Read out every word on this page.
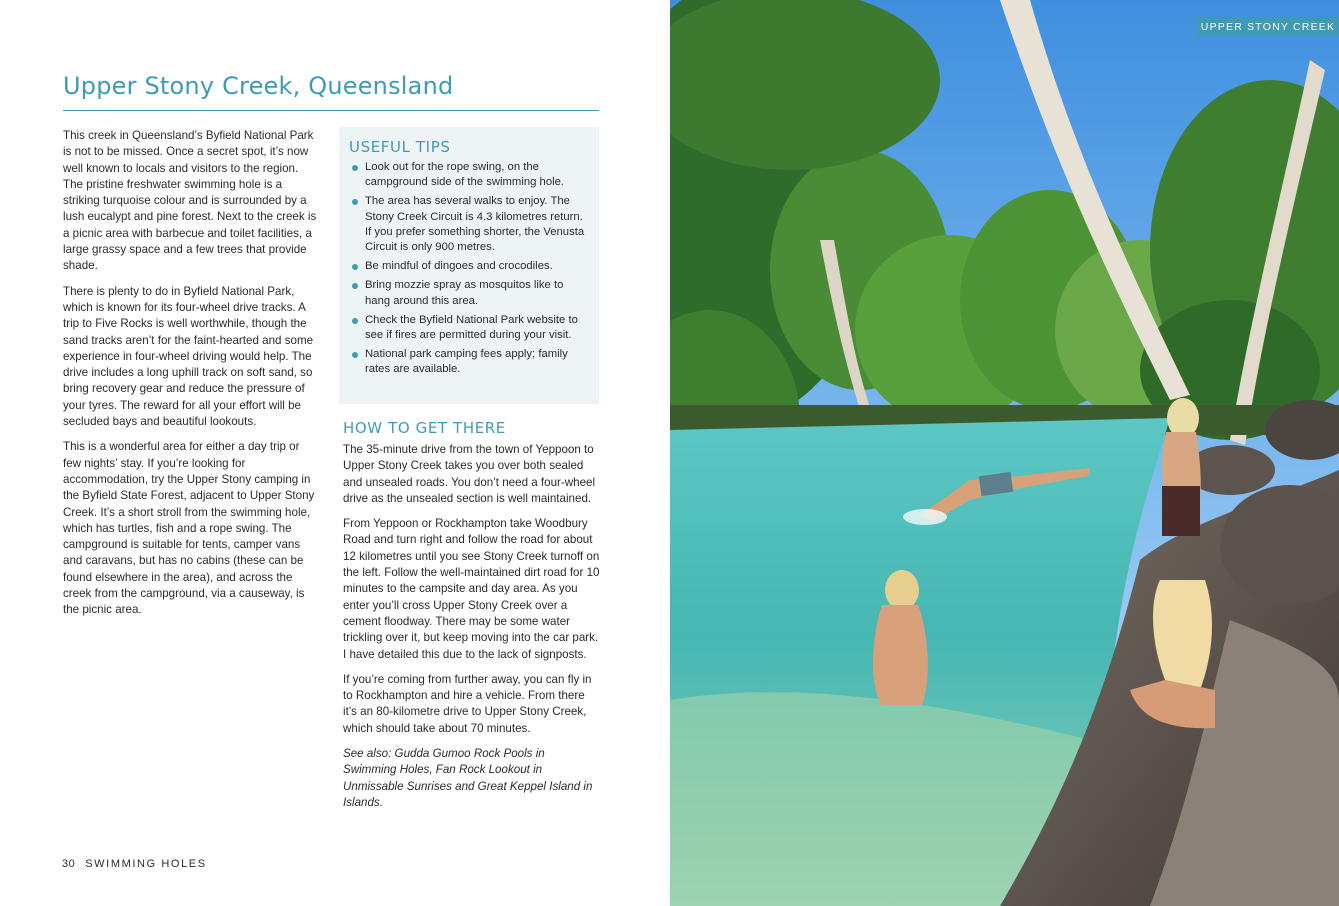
Upper Stony Creek, Queensland

This creek in Queensland’s Byfield National Park is not to be missed. Once a secret spot, it’s now well known to locals and visitors to the region. The pristine freshwater swimming hole is a striking turquoise colour and is surrounded by a lush eucalypt and pine forest. Next to the creek is a picnic area with barbecue and toilet facilities, a large grassy space and a few trees that provide shade.

There is plenty to do in Byfield National Park, which is known for its four-wheel drive tracks. A trip to Five Rocks is well worthwhile, though the sand tracks aren’t for the faint-hearted and some experience in four-wheel driving would help. The drive includes a long uphill track on soft sand, so bring recovery gear and reduce the pressure of your tyres. The reward for all your effort will be secluded bays and beautiful lookouts.

This is a wonderful area for either a day trip or few nights’ stay. If you’re looking for accommodation, try the Upper Stony camping in the Byfield State Forest, adjacent to Upper Stony Creek. It’s a short stroll from the swimming hole, which has turtles, fish and a rope swing. The campground is suitable for tents, camper vans and caravans, but has no cabins (these can be found elsewhere in the area), and across the creek from the campground, via a causeway, is the picnic area.

USEFUL TIPS
Look out for the rope swing, on the campground side of the swimming hole.
The area has several walks to enjoy. The Stony Creek Circuit is 4.3 kilometres return. If you prefer something shorter, the Venusta Circuit is only 900 metres.
Be mindful of dingoes and crocodiles.
Bring mozzie spray as mosquitos like to hang around this area.
Check the Byfield National Park website to see if fires are permitted during your visit.
National park camping fees apply; family rates are available.
HOW TO GET THERE

The 35-minute drive from the town of Yeppoon to Upper Stony Creek takes you over both sealed and unsealed roads. You don’t need a four-wheel drive as the unsealed section is well maintained.

From Yeppoon or Rockhampton take Woodbury Road and turn right and follow the road for about 12 kilometres until you see Stony Creek turnoff on the left. Follow the well-maintained dirt road for 10 minutes to the campsite and day area. As you enter you’ll cross Upper Stony Creek over a cement floodway. There may be some water trickling over it, but keep moving into the car park. I have detailed this due to the lack of signposts.

If you’re coming from further away, you can fly in to Rockhampton and hire a vehicle. From there it’s an 80-kilometre drive to Upper Stony Creek, which should take about 70 minutes.

See also: Gudda Gumoo Rock Pools in Swimming Holes, Fan Rock Lookout in Unmissable Sunrises and Great Keppel Island in Islands.

30 SWIMMING HOLES
UPPER STONY CREEK
